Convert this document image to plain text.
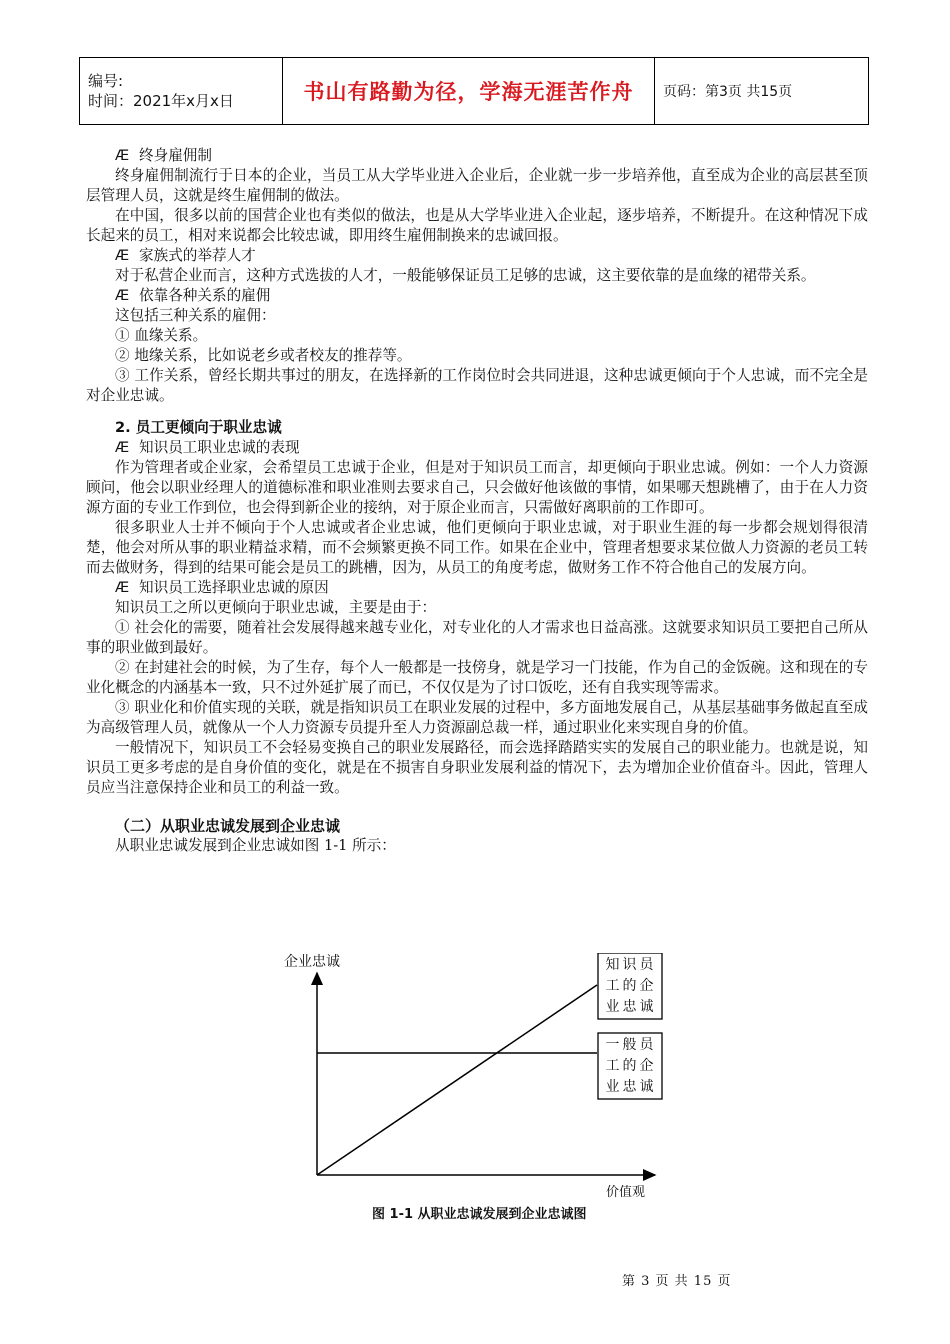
编号:
时间：2021年x月x日	书山有路勤为径，学海无涯苦作舟	页码：第3页 共15页

Æ 终身雇佣制

终身雇佣制流行于日本的企业，当员工从大学毕业进入企业后，企业就一步一步培养他，直至成为企业的高层甚至顶层管理人员，这就是终生雇佣制的做法。

在中国，很多以前的国营企业也有类似的做法，也是从大学毕业进入企业起，逐步培养，不断提升。在这种情况下成长起来的员工，相对来说都会比较忠诚，即用终生雇佣制换来的忠诚回报。

Æ 家族式的举荐人才

对于私营企业而言，这种方式选拔的人才，一般能够保证员工足够的忠诚，这主要依靠的是血缘的裙带关系。

Æ 依靠各种关系的雇佣

这包括三种关系的雇佣：

① 血缘关系。

② 地缘关系，比如说老乡或者校友的推荐等。

③ 工作关系，曾经长期共事过的朋友，在选择新的工作岗位时会共同进退，这种忠诚更倾向于个人忠诚，而不完全是对企业忠诚。

2. 员工更倾向于职业忠诚

Æ 知识员工职业忠诚的表现

作为管理者或企业家，会希望员工忠诚于企业，但是对于知识员工而言，却更倾向于职业忠诚。例如：一个人力资源顾问，他会以职业经理人的道德标准和职业准则去要求自己，只会做好他该做的事情，如果哪天想跳槽了，由于在人力资源方面的专业工作到位，也会得到新企业的接纳，对于原企业而言，只需做好离职前的工作即可。

很多职业人士并不倾向于个人忠诚或者企业忠诚，他们更倾向于职业忠诚，对于职业生涯的每一步都会规划得很清楚，他会对所从事的职业精益求精，而不会频繁更换不同工作。如果在企业中，管理者想要求某位做人力资源的老员工转而去做财务，得到的结果可能会是员工的跳槽，因为，从员工的角度考虑，做财务工作不符合他自己的发展方向。

Æ 知识员工选择职业忠诚的原因

知识员工之所以更倾向于职业忠诚，主要是由于：

① 社会化的需要，随着社会发展得越来越专业化，对专业化的人才需求也日益高涨。这就要求知识员工要把自己所从事的职业做到最好。

② 在封建社会的时候，为了生存，每个人一般都是一技傍身，就是学习一门技能，作为自己的金饭碗。这和现在的专业化概念的内涵基本一致，只不过外延扩展了而已，不仅仅是为了讨口饭吃，还有自我实现等需求。

③ 职业化和价值实现的关联，就是指知识员工在职业发展的过程中，多方面地发展自己，从基层基础事务做起直至成为高级管理人员，就像从一个人力资源专员提升至人力资源副总裁一样，通过职业化来实现自身的价值。

一般情况下，知识员工不会轻易变换自己的职业发展路径，而会选择踏踏实实的发展自己的职业能力。也就是说，知识员工更多考虑的是自身价值的变化，就是在不损害自身职业发展利益的情况下，去为增加企业价值奋斗。因此，管理人员应当注意保持企业和员工的利益一致。

（二）从职业忠诚发展到企业忠诚

从职业忠诚发展到企业忠诚如图 1-1 所示：

企业忠诚
价值观
知识员工的企业忠诚
一般员工的企业忠诚
图 1-1 从职业忠诚发展到企业忠诚图
第 3 页 共 15 页
